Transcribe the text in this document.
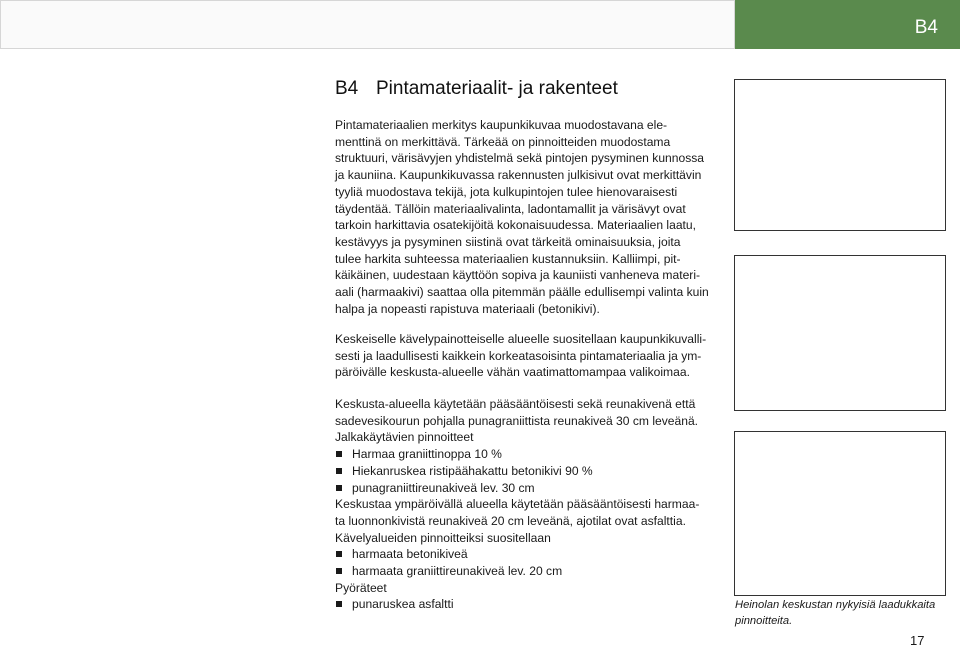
B4
B4 Pintamateriaalit- ja rakenteet
Pintamateriaalien merkitys kaupunkikuvaa muodostavana ele-
menttinä on merkittävä. Tärkeää on pinnoitteiden muodostama
struktuuri, värisävyjen yhdistelmä sekä pintojen pysyminen kunnossa
ja kauniina. Kaupunkikuvassa rakennusten julkisivut ovat merkittävin
tyyliä muodostava tekijä, jota kulkupintojen tulee hienovaraisesti
täydentää. Tällöin materiaalivalinta, ladontamallit ja värisävyt ovat
tarkoin harkittavia osatekijöitä kokonaisuudessa. Materiaalien laatu,
kestävyys ja pysyminen siistinä ovat tärkeitä ominaisuuksia, joita
tulee harkita suhteessa materiaalien kustannuksiin. Kalliimpi, pit-
käikäinen, uudestaan käyttöön sopiva ja kauniisti vanheneva materi-
aali (harmaakivi) saattaa olla pitemmän päälle edullisempi valinta kuin
halpa ja nopeasti rapistuva materiaali (betonikivi).
Keskeiselle kävelypainotteiselle alueelle suositellaan kaupunkikuvalli-
sesti ja laadullisesti kaikkein korkeatasoisinta pintamateriaalia ja ym-
päröivälle keskusta-alueelle vähän vaatimattomampaa valikoimaa.
Keskusta-alueella käytetään pääsääntöisesti sekä reunakivenä että
sadevesikourun pohjalla punagraniittista reunakiveä 30 cm leveänä.
Jalkakäytävien pinnoitteet
Harmaa graniittinoppa 10 %
Hiekanruskea ristipäähakattu betonikivi 90 %
punagraniittireunakiveä lev. 30 cm
Keskustaa ympäröivällä alueella käytetään pääsääntöisesti harmaa-
ta luonnonkivistä reunakiveä 20 cm leveänä, ajotilat ovat asfalttia.
Kävelyalueiden pinnoitteiksi suositellaan
harmaata betonikiveä
harmaata graniittireunakiveä lev. 20 cm
Pyöräteet
punaruskea asfaltti	Heinolan keskustan nykyisiä laadukkaita
pinnoitteita.
17
